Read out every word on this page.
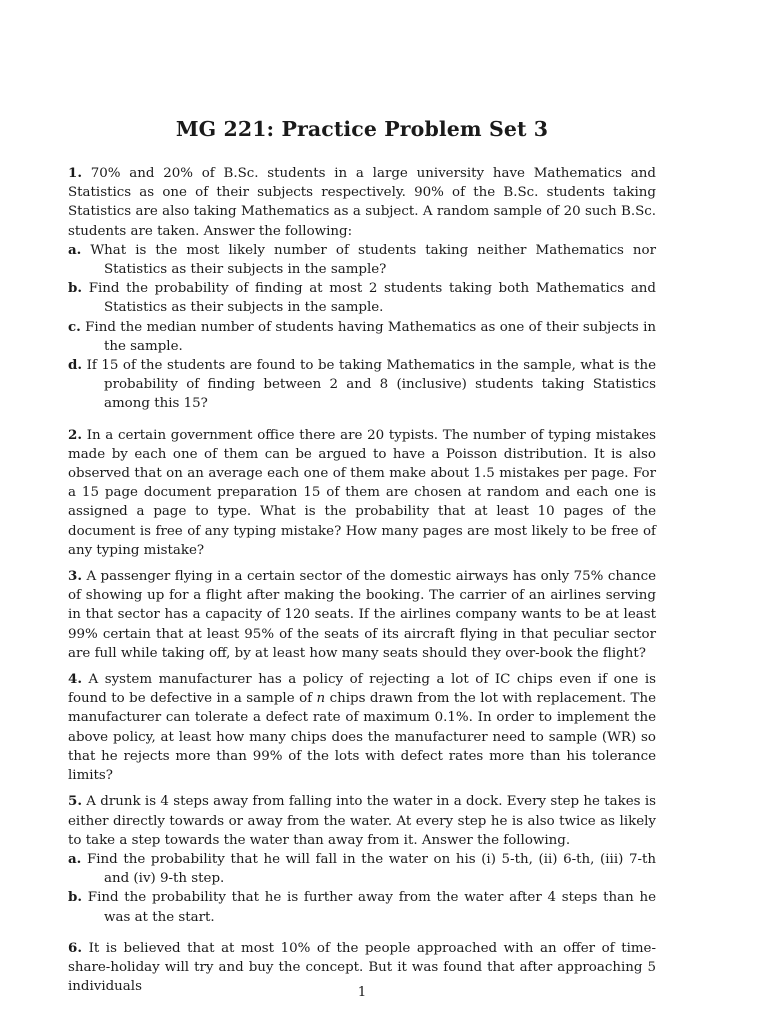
MG 221: Practice Problem Set 3

1. 70% and 20% of B.Sc. students in a large university have Mathematics and Statistics as one of their subjects respectively. 90% of the B.Sc. students taking Statistics are also taking Mathematics as a subject. A random sample of 20 such B.Sc. students are taken. Answer the following:

a. What is the most likely number of students taking neither Mathematics nor Statistics as their subjects in the sample?

b. Find the probability of finding at most 2 students taking both Mathematics and Statistics as their subjects in the sample.

c. Find the median number of students having Mathematics as one of their subjects in the sample.

d. If 15 of the students are found to be taking Mathematics in the sample, what is the probability of finding between 2 and 8 (inclusive) students taking Statistics among this 15?

2. In a certain government office there are 20 typists. The number of typing mistakes made by each one of them can be argued to have a Poisson distribution. It is also observed that on an average each one of them make about 1.5 mistakes per page. For a 15 page document preparation 15 of them are chosen at random and each one is assigned a page to type. What is the probability that at least 10 pages of the document is free of any typing mistake? How many pages are most likely to be free of any typing mistake?

3. A passenger flying in a certain sector of the domestic airways has only 75% chance of showing up for a flight after making the booking. The carrier of an airlines serving in that sector has a capacity of 120 seats. If the airlines company wants to be at least 99% certain that at least 95% of the seats of its aircraft flying in that peculiar sector are full while taking off, by at least how many seats should they over-book the flight?

4. A system manufacturer has a policy of rejecting a lot of IC chips even if one is found to be defective in a sample of n chips drawn from the lot with replacement. The manufacturer can tolerate a defect rate of maximum 0.1%. In order to implement the above policy, at least how many chips does the manufacturer need to sample (WR) so that he rejects more than 99% of the lots with defect rates more than his tolerance limits?

5. A drunk is 4 steps away from falling into the water in a dock. Every step he takes is either directly towards or away from the water. At every step he is also twice as likely to take a step towards the water than away from it. Answer the following.

a. Find the probability that he will fall in the water on his (i) 5-th, (ii) 6-th, (iii) 7-th and (iv) 9-th step.

b. Find the probability that he is further away from the water after 4 steps than he was at the start.

6. It is believed that at most 10% of the people approached with an offer of time-share-holiday will try and buy the concept. But it was found that after approaching 5 individuals	1
